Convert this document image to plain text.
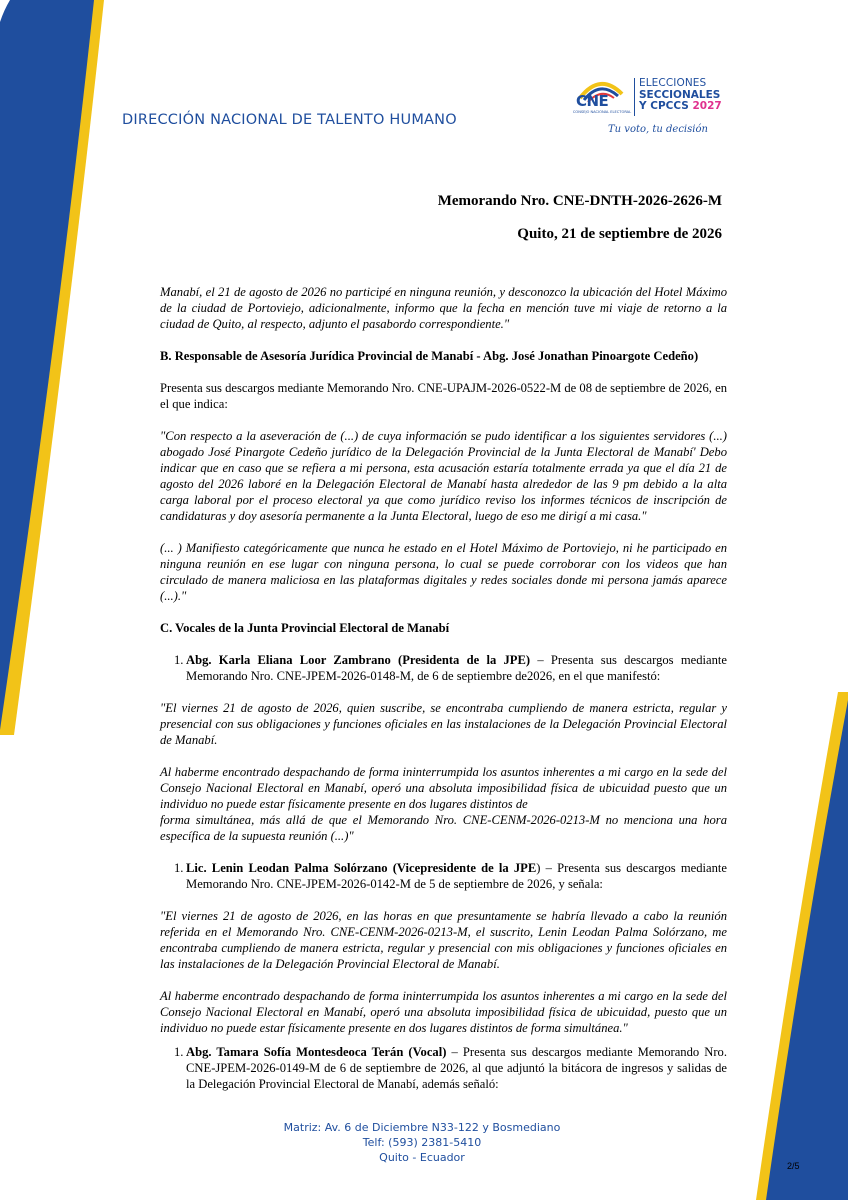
DIRECCIÓN NACIONAL DE TALENTO HUMANO
CNE
CONSEJO NACIONAL ELECTORAL
ELECCIONES
SECCIONALES
Y CPCCS 2027
Tu voto, tu decisión
Memorando Nro. CNE-DNTH-2026-2626-M
Quito, 21 de septiembre de 2026

Manabí, el 21 de agosto de 2026 no participé en ninguna reunión, y desconozco la ubicación del Hotel Máximo de la ciudad de Portoviejo, adicionalmente, informo que la fecha en mención tuve mi viaje de retorno a la ciudad de Quito, al respecto, adjunto el pasabordo correspondiente."

B. Responsable de Asesoría Jurídica Provincial de Manabí - Abg. José Jonathan Pinoargote Cedeño)

Presenta sus descargos mediante Memorando Nro. CNE-UPAJM-2026-0522-M de 08 de septiembre de 2026, en el que indica:

"Con respecto a la aseveración de (...) de cuya información se pudo identificar a los siguientes servidores (...) abogado José Pinargote Cedeño jurídico de la Delegación Provincial de la Junta Electoral de Manabí' Debo indicar que en caso que se refiera a mi persona, esta acusación estaría totalmente errada ya que el día 21 de agosto del 2026 laboré en la Delegación Electoral de Manabí hasta alrededor de las 9 pm debido a la alta carga laboral por el proceso electoral ya que como jurídico reviso los informes técnicos de inscripción de candidaturas y doy asesoría permanente a la Junta Electoral, luego de eso me dirigí a mi casa."

(... ) Manifiesto categóricamente que nunca he estado en el Hotel Máximo de Portoviejo, ni he participado en ninguna reunión en ese lugar con ninguna persona, lo cual se puede corroborar con los videos que han circulado de manera maliciosa en las plataformas digitales y redes sociales donde mi persona jamás aparece (...)."

C. Vocales de la Junta Provincial Electoral de Manabí

1. Abg. Karla Eliana Loor Zambrano (Presidenta de la JPE) – Presenta sus descargos mediante Memorando Nro. CNE-JPEM-2026-0148-M, de 6 de septiembre de2026, en el que manifestó:

"El viernes 21 de agosto de 2026, quien suscribe, se encontraba cumpliendo de manera estricta, regular y presencial con sus obligaciones y funciones oficiales en las instalaciones de la Delegación Provincial Electoral de Manabí.

Al haberme encontrado despachando de forma ininterrumpida los asuntos inherentes a mi cargo en la sede del Consejo Nacional Electoral en Manabí, operó una absoluta imposibilidad física de ubicuidad puesto que un individuo no puede estar físicamente presente en dos lugares distintos de

forma simultánea, más allá de que el Memorando Nro. CNE-CENM-2026-0213-M no menciona una hora específica de la supuesta reunión (...)"

1. Lic. Lenin Leodan Palma Solórzano (Vicepresidente de la JPE) – Presenta sus descargos mediante Memorando Nro. CNE-JPEM-2026-0142-M de 5 de septiembre de 2026, y señala:

"El viernes 21 de agosto de 2026, en las horas en que presuntamente se habría llevado a cabo la reunión referida en el Memorando Nro. CNE-CENM-2026-0213-M, el suscrito, Lenin Leodan Palma Solórzano, me encontraba cumpliendo de manera estricta, regular y presencial con mis obligaciones y funciones oficiales en las instalaciones de la Delegación Provincial Electoral de Manabí.

Al haberme encontrado despachando de forma ininterrumpida los asuntos inherentes a mi cargo en la sede del Consejo Nacional Electoral en Manabí, operó una absoluta imposibilidad física de ubicuidad, puesto que un individuo no puede estar físicamente presente en dos lugares distintos de forma simultánea."

1. Abg. Tamara Sofía Montesdeoca Terán (Vocal) – Presenta sus descargos mediante Memorando Nro. CNE-JPEM-2026-0149-M de 6 de septiembre de 2026, al que adjuntó la bitácora de ingresos y salidas de la Delegación Provincial Electoral de Manabí, además señaló:
Matriz: Av. 6 de Diciembre N33-122 y Bosmediano
Telf: (593) 2381-5410
Quito - Ecuador
2/5
